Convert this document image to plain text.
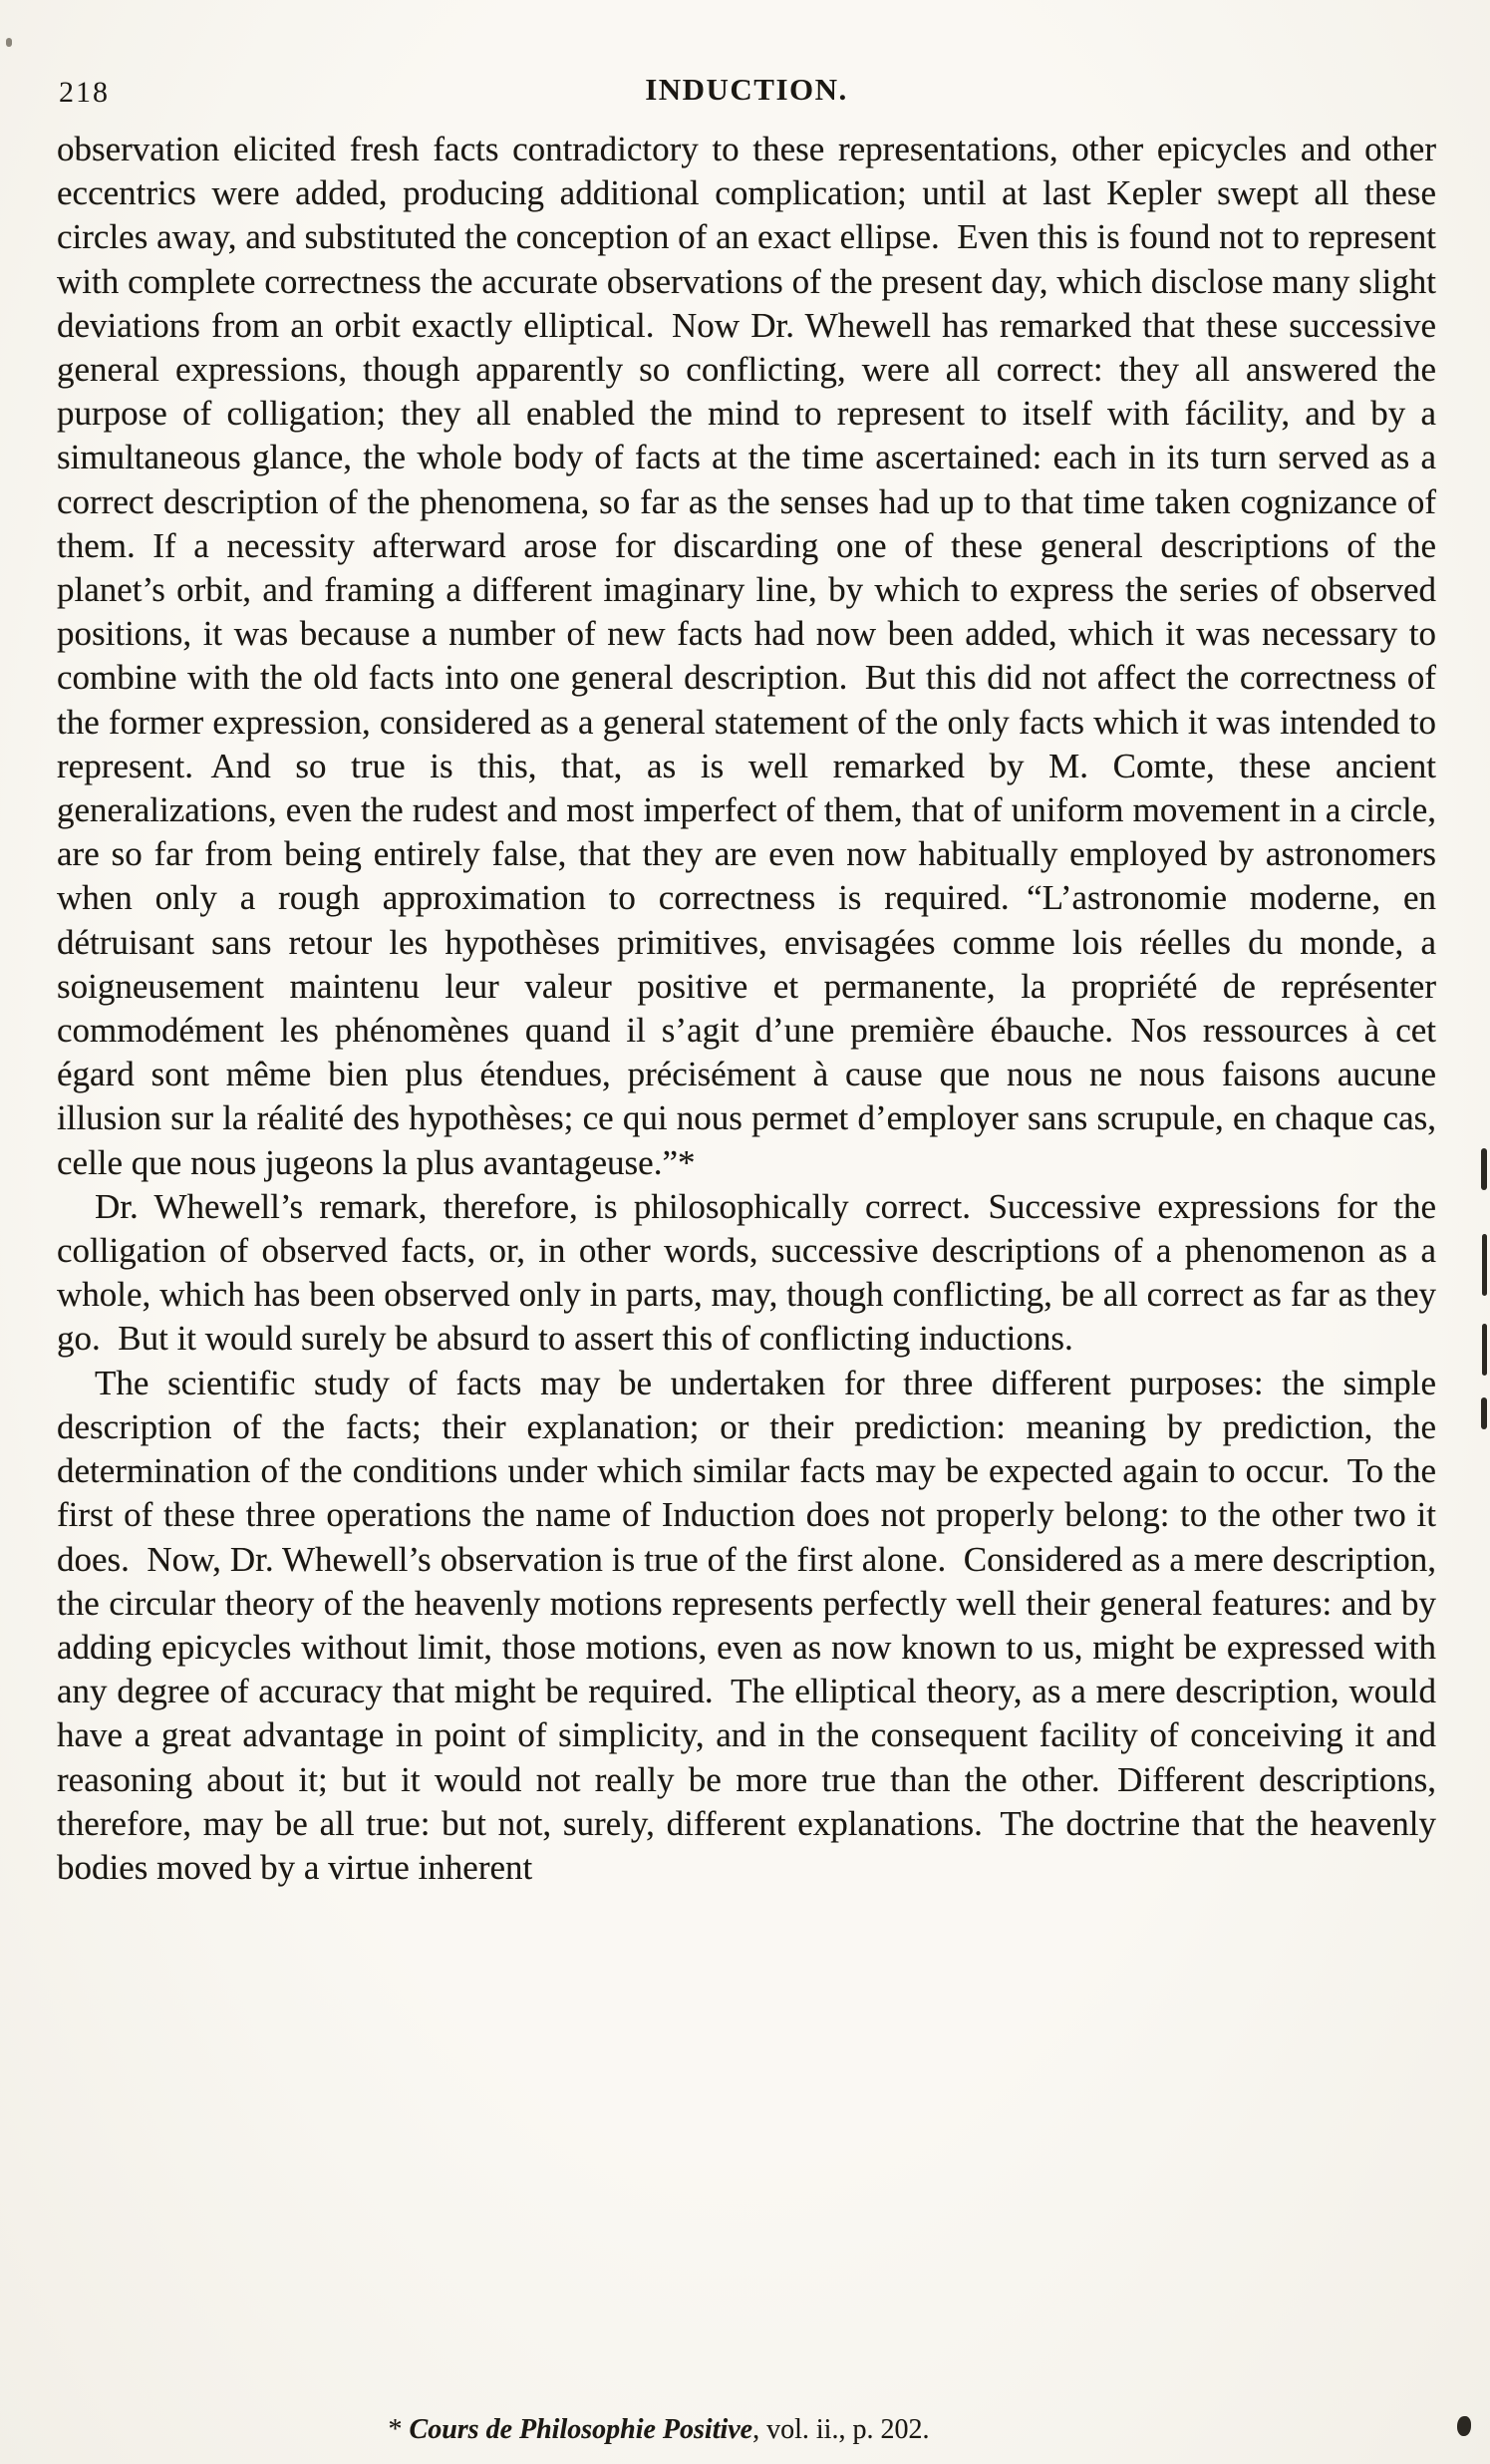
218	INDUCTION.

observation elicited fresh facts contradictory to these representations, other epicycles and other eccentrics were added, producing additional complication; until at last Kepler swept all these circles away, and substituted the conception of an exact ellipse. Even this is found not to represent with complete correctness the accurate observations of the present day, which disclose many slight deviations from an orbit exactly elliptical. Now Dr. Whewell has remarked that these successive general expressions, though apparently so conflicting, were all correct: they all answered the purpose of colligation; they all enabled the mind to represent to itself with fácility, and by a simultaneous glance, the whole body of facts at the time ascertained: each in its turn served as a correct description of the phenomena, so far as the senses had up to that time taken cognizance of them. If a necessity afterward arose for discarding one of these general descriptions of the planet’s orbit, and framing a different imaginary line, by which to express the series of observed positions, it was because a number of new facts had now been added, which it was necessary to combine with the old facts into one general description. But this did not affect the correctness of the former expression, considered as a general statement of the only facts which it was intended to represent. And so true is this, that, as is well remarked by M. Comte, these ancient generalizations, even the rudest and most imperfect of them, that of uniform movement in a circle, are so far from being entirely false, that they are even now habitually employed by astronomers when only a rough approximation to correctness is required. “L’astronomie moderne, en détruisant sans retour les hypothèses primitives, envisagées comme lois réelles du monde, a soigneusement maintenu leur valeur positive et permanente, la propriété de représenter commodément les phénomènes quand il s’agit d’une première ébauche. Nos ressources à cet égard sont même bien plus étendues, précisément à cause que nous ne nous faisons aucune illusion sur la réalité des hypothèses; ce qui nous permet d’employer sans scrupule, en chaque cas, celle que nous jugeons la plus avantageuse.”*

Dr. Whewell’s remark, therefore, is philosophically correct. Successive expressions for the colligation of observed facts, or, in other words, successive descriptions of a phenomenon as a whole, which has been observed only in parts, may, though conflicting, be all correct as far as they go. But it would surely be absurd to assert this of conflicting inductions.

The scientific study of facts may be undertaken for three different purposes: the simple description of the facts; their explanation; or their prediction: meaning by prediction, the determination of the conditions under which similar facts may be expected again to occur. To the first of these three operations the name of Induction does not properly belong: to the other two it does. Now, Dr. Whewell’s observation is true of the first alone. Considered as a mere description, the circular theory of the heavenly motions represents perfectly well their general features: and by adding epicycles without limit, those motions, even as now known to us, might be expressed with any degree of accuracy that might be required. The elliptical theory, as a mere description, would have a great advantage in point of simplicity, and in the consequent facility of conceiving it and reasoning about it; but it would not really be more true than the other. Different descriptions, therefore, may be all true: but not, surely, different explanations. The doctrine that the heavenly bodies moved by a virtue inherent

* Cours de Philosophie Positive, vol. ii., p. 202.
